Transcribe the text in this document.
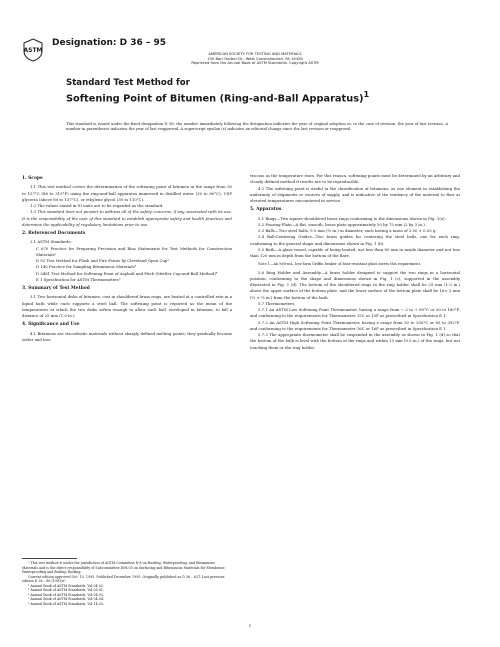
ASTM
Designation: D 36 – 95
AMERICAN SOCIETY FOR TESTING AND MATERIALS
100 Barr Harbor Dr., West Conshohocken, PA 19428
Reprinted from the Annual Book of ASTM Standards. Copyright ASTM
Standard Test Method for
Softening Point of Bitumen (Ring-and-Ball Apparatus)$^1$
This standard is issued under the fixed designation D 36; the number immediately following the designation indicates the year of original adoption or, in the case of revision, the year of last revision. A number in parentheses indicates the year of last reapproval. A superscript epsilon (ε) indicates an editorial change since the last revision or reapproval.
1. Scope

1.1 This test method covers the determination of the softening point of bitumen in the range from 30 to 157°C (86 to 315°F) using the ring-and-ball apparatus immersed in distilled water (30 to 80°C), USP glycerin (above 80 to 157°C), or ethylene glycol (30 to 110°C).

1.2 The values stated in SI units are to be regarded as the standard.

1.3 This standard does not purport to address all of the safety concerns, if any, associated with its use. It is the responsibility of the user of this standard to establish appropriate safety and health practices and determine the applicability of regulatory limitations prior to use.

2. Referenced Documents

2.1 ASTM Standards:

C 670 Practice for Preparing Precision and Bias Statements for Test Methods for Construction Materials²

D 92 Test Method for Flash and Fire Points by Cleveland Open Cup³

D 140 Practice for Sampling Bituminous Materials⁴

D 3461 Test Method for Softening Point of Asphalt and Pitch (Mettler Cup-and-Ball Method)⁴

E 1 Specification for ASTM Thermometers⁵

3. Summary of Test Method

3.1 Two horizontal disks of bitumen, cast in shouldered brass rings, are heated at a controlled rate in a liquid bath while each supports a steel ball. The softening point is reported as the mean of the temperatures at which the two disks soften enough to allow each ball, enveloped in bitumen, to fall a distance of 25 mm (1.0 in.).

4. Significance and Use

4.1 Bitumens are viscoelastic materials without sharply defined melting points; they gradually become softer and less

viscous as the temperature rises. For this reason, softening points must be determined by an arbitrary and closely defined method if results are to be reproducible.

4.2 The softening point is useful in the classification of bitumens, as one element in establishing the uniformity of shipments or sources of supply, and is indicative of the tendency of the material to flow at elevated temperatures encountered in service.

5. Apparatus

5.1 Rings—Two square-shouldered brass rings conforming to the dimensions shown in Fig. 1(a).

5.2 Pouring Plate—A flat, smooth, brass plate approximately 50 by 75 mm (2 by 3 in.).

5.3 Balls—Two steel balls, 9.5 mm (⅜ in.) in diameter, each having a mass of 3.50 ± 0.05 g.

5.4 Ball-Centering Guides—Two brass guides for centering the steel balls, one for each ring, conforming to the general shape and dimensions shown in Fig. 1 (b).

5.5 Bath—A glass vessel, capable of being heated, not less than 85 mm in inside diameter and not less than 120 mm in depth from the bottom of the flare.

Note 1—An 800-mL, low-form Griffin beaker of heat-resistant glass meets this requirement.

5.6 Ring Holder and Assembly—A brass holder designed to support the two rings in a horizontal position, conforming to the shape and dimensions shown in Fig. 1 (c), supported in the assembly illustrated in Fig. 1 (d). The bottom of the shouldered rings in the ring holder shall be 25 mm (1.0 in.) above the upper surface of the bottom plate, and the lower surface of the bottom plate shall be 16± 3 mm (⅝ ± ⅛ in.) from the bottom of the bath.

5.7 Thermometers:

5.7.1 An ASTM Low Softening Point Thermometer, having a range from − 2 to + 80°C or 30 to 180°F, and conforming to the requirements for Thermometer 15C or 15F as prescribed in Specification E 1.

5.7.2 An ASTM High Softening Point Thermometer, having a range from 30 to 200°C or 85 to 392°F, and conforming to the requirements for Thermometer 16C or 16F as prescribed in Specification E 1.

5.7.3 The appropriate thermometer shall be suspended in the assembly as shown in Fig. 1 (d) so that the bottom of the bulb is level with the bottom of the rings and within 13 mm (0.5 in.) of the rings, but not touching them or the ring holder.

¹ This test method is under the jurisdiction of ASTM Committee D-8 on Roofing, Waterproofing, and Bituminous Materials and is the direct responsibility of Subcommittee D08.05 on Surfacing and Bituminous Materials for Membrane Waterproofing and Builtup Roofing.

Current edition approved Oct. 10, 1995. Published December 1995. Originally published as D 36 – 62T. Last previous edition D 36 – 86 (1993)ε¹.

² Annual Book of ASTM Standards, Vol 04.02.

³ Annual Book of ASTM Standards, Vol 05.01.

⁴ Annual Book of ASTM Standards, Vol 04.03.

⁵ Annual Book of ASTM Standards, Vol 04.04.

⁶ Annual Book of ASTM Standards, Vol 14.03.

1
